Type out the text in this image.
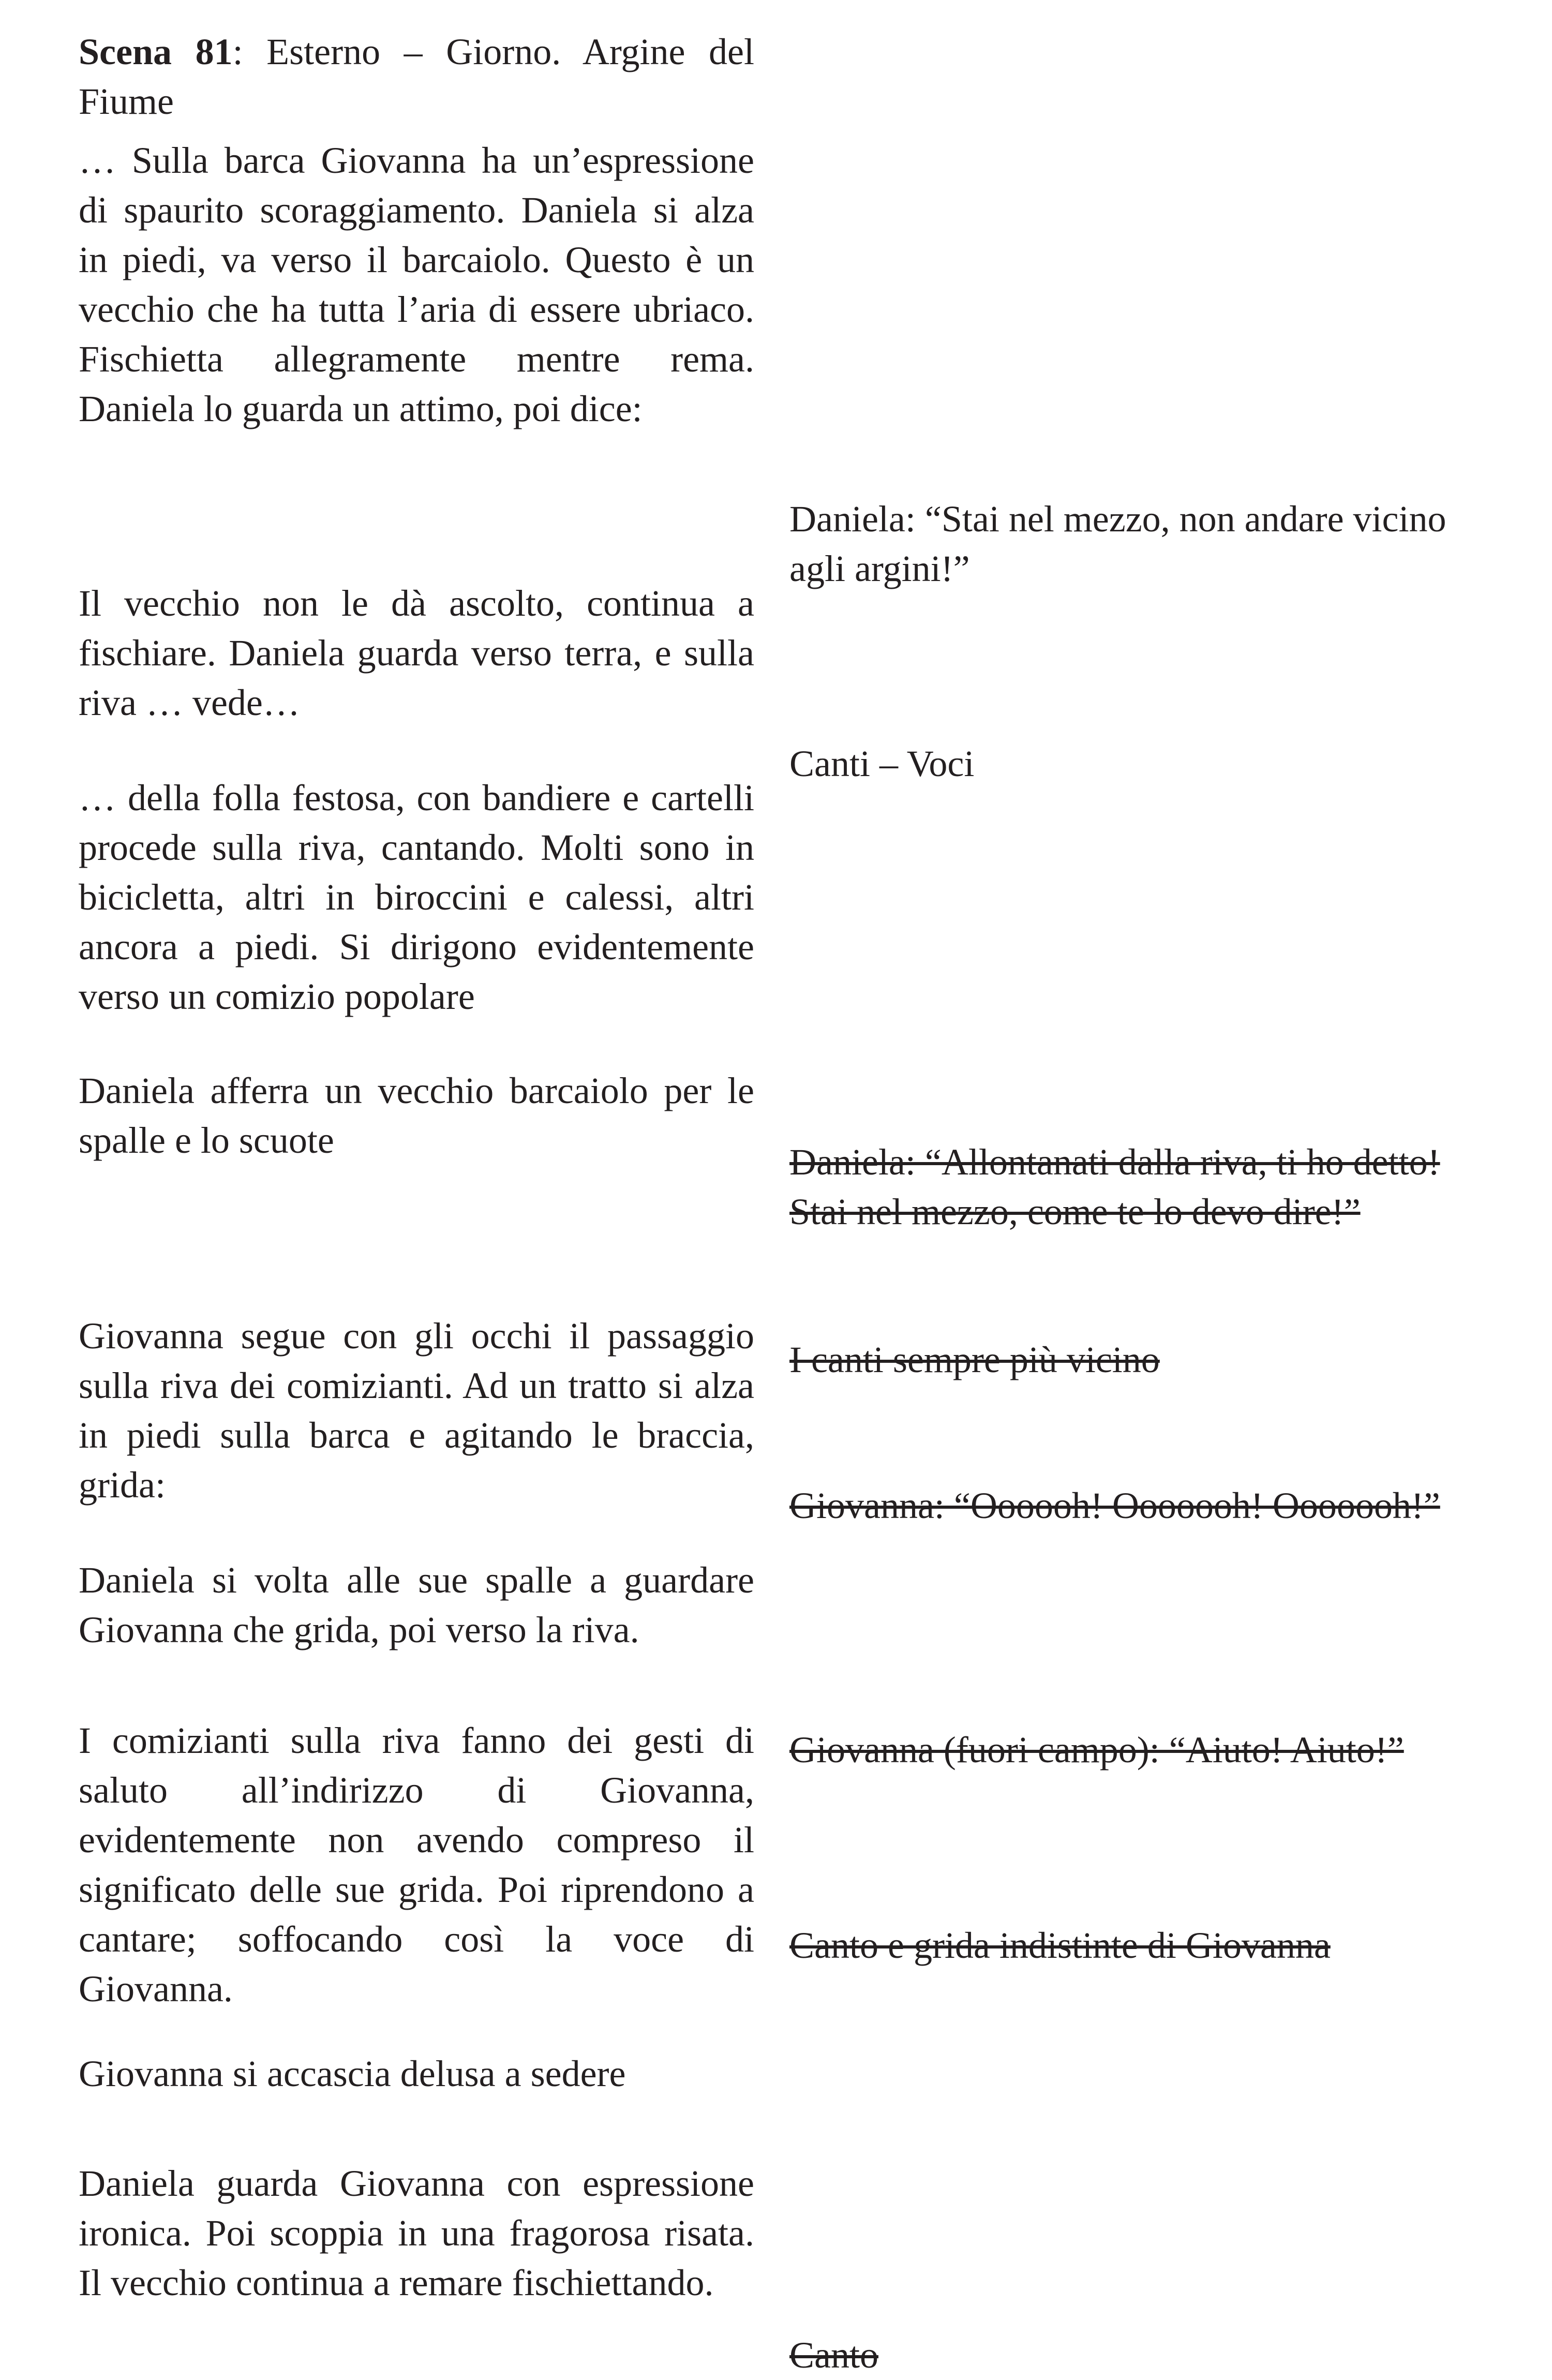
Scena 81: Esterno – Giorno. Argine del Fiume

… Sulla barca Giovanna ha un’espressione di spaurito scoraggiamento. Daniela si alza in piedi, va verso il barcaiolo. Questo è un vecchio che ha tutta l’aria di essere ubriaco. Fischietta allegramente mentre rema. Daniela lo guarda un attimo, poi dice:

Il vecchio non le dà ascolto, continua a fischiare. Daniela guarda verso terra, e sulla riva … vede…

… della folla festosa, con bandiere e cartelli procede sulla riva, cantando. Molti sono in bicicletta, altri in biroccini e calessi, altri ancora a piedi. Si dirigono evidentemente verso un comizio popolare

Daniela afferra un vecchio barcaiolo per le spalle e lo scuote

Giovanna segue con gli occhi il passaggio sulla riva dei comizianti. Ad un tratto si alza in piedi sulla barca e agitando le braccia, grida:

Daniela si volta alle sue spalle a guardare Giovanna che grida, poi verso la riva.

I comizianti sulla riva fanno dei gesti di saluto all’indirizzo di Giovanna, evidentemente non avendo compreso il significato delle sue grida. Poi riprendono a cantare; soffocando così la voce di Giovanna.

Giovanna si accascia delusa a sedere

Daniela guarda Giovanna con espressione ironica. Poi scoppia in una fragorosa risata. Il vecchio continua a remare fischiettando.

Daniela: “Stai nel mezzo, non andare vicino agli argini!”

Canti – Voci

Daniela: “Allontanati dalla riva, ti ho detto! Stai nel mezzo, come te lo devo dire!”

I canti sempre più vicino

Giovanna: “Oooooh! Ooooooh! Ooooooh!”

Giovanna (fuori campo): “Aiuto! Aiuto!”

Canto e grida indistinte di Giovanna

Canto
